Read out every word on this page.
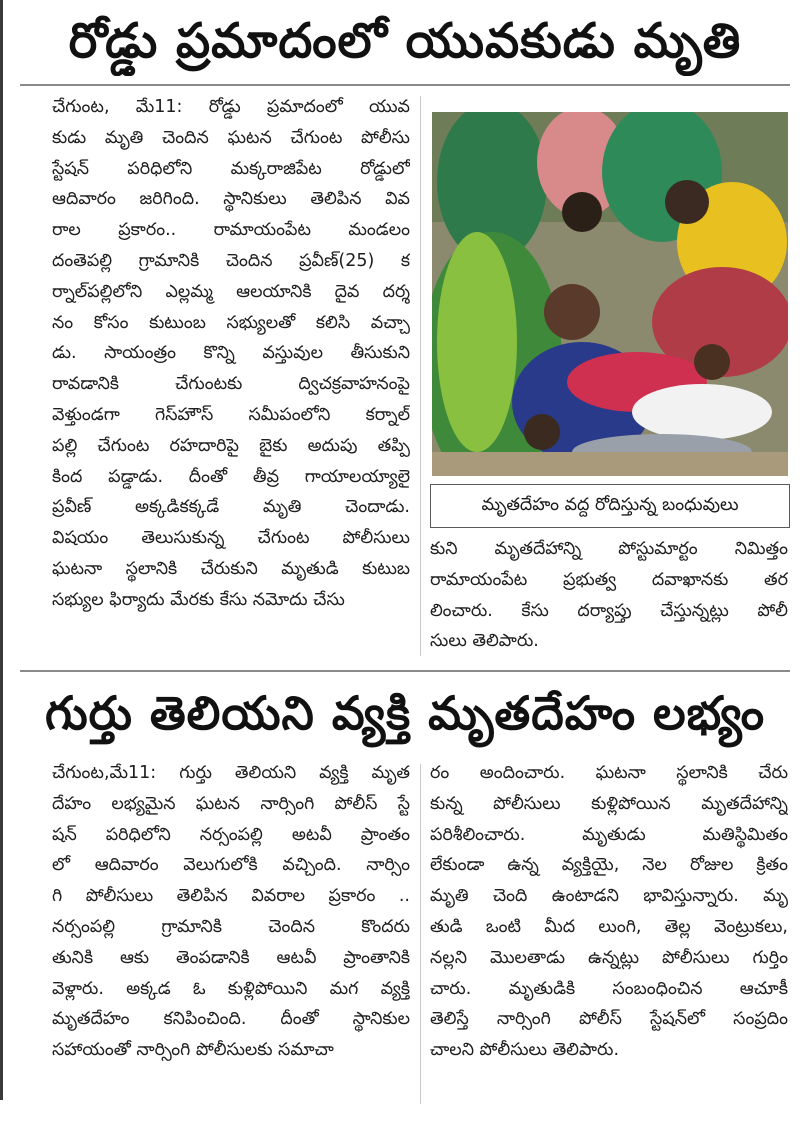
రోడ్డు ప్రమాదంలో యువకుడు మృతి
చేగుంట, మే11: రోడ్డు ప్రమాదంలో యువ
కుడు మృతి చెందిన ఘటన చేగుంట పోలీసు
స్టేషన్ పరిధిలోని మక్కరాజిపేట రోడ్డులో
ఆదివారం జరిగింది. స్థానికులు తెలిపిన వివ
రాల ప్రకారం.. రామాయంపేట మండలం
దంతెపల్లి గ్రామానికి చెందిన ప్రవీణ్(25) క
ర్నాల్‌పల్లిలోని ఎల్లమ్మ ఆలయానికి దైవ దర్శ
నం కోసం కుటుంబ సభ్యులతో కలిసి వచ్చా
డు. సాయంత్రం కొన్ని వస్తువుల తీసుకుని
రావడానికి చేగుంటకు ద్విచక్రవాహనంపై
వెళ్తుండగా గెస్‌హౌస్ సమీపంలోని కర్నాల్
పల్లి చేగుంట రహదారిపై బైకు అదుపు తప్పి
కింద పడ్డాడు. దీంతో తీవ్ర గాయాలయ్యాలై
ప్రవీణ్ అక్కడికక్కడే మృతి చెందాడు.
విషయం తెలుసుకున్న చేగుంట పోలీసులు
ఘటనా స్థలానికి చేరుకుని మృతుడి కుటుబ
సభ్యుల ఫిర్యాదు మేరకు కేసు నమోదు చేసు
మృతదేహం వద్ద రోదిస్తున్న బంధువులు
కుని మృతదేహాన్ని పోస్టుమార్టం నిమిత్తం
రామాయంపేట ప్రభుత్వ దవాఖానకు తర
లించారు. కేసు దర్యాప్తు చేస్తున్నట్లు పోలీ
సులు తెలిపారు.
గుర్తు తెలియని వ్యక్తి మృతదేహం లభ్యం
చేగుంట,మే11: గుర్తు తెలియని వ్యక్తి మృత
దేహం లభ్యమైన ఘటన నార్సింగి పోలీస్ స్టే
షన్ పరిధిలోని నర్సంపల్లి అటవీ ప్రాంతం
లో ఆదివారం వెలుగులోకి వచ్చింది. నార్సిం
గి పోలీసులు తెలిపిన వివరాల ప్రకారం ..
నర్సంపల్లి గ్రామానికి చెందిన కొందరు
తునికి ఆకు తెంపడానికి ఆటవీ ప్రాంతానికి
వెళ్లారు. అక్కడ ఓ కుళ్లిపోయిని మగ వ్యక్తి
మృతదేహం కనిపించింది. దీంతో స్థానికుల
సహాయంతో నార్సింగి పోలీసులకు సమాచా
రం అందించారు. ఘటనా స్థలానికి చేరు
కున్న పోలీసులు కుళ్లిపోయిన మృతదేహాన్ని
పరిశీలించారు. మృతుడు మతిస్థిమితం
లేకుండా ఉన్న వ్యక్తియై, నెల రోజుల క్రితం
మృతి చెంది ఉంటాడని భావిస్తున్నారు. మృ
తుడి ఒంటి మీద లుంగి, తెల్ల వెంట్రుకలు,
నల్లని మొలతాడు ఉన్నట్లు పోలీసులు గుర్తిం
చారు. మృతుడికి సంబంధించిన ఆచూకీ
తెలిస్తే నార్సింగి పోలీస్ స్టేషన్‌లో సంప్రదిం
చాలని పోలీసులు తెలిపారు.
